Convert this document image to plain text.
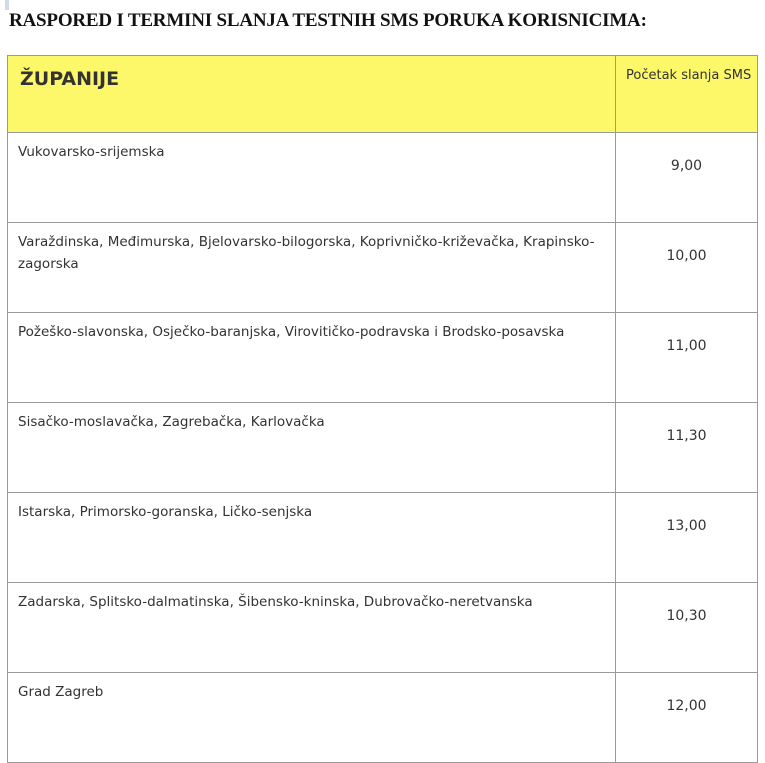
RASPORED I TERMINI SLANJA TESTNIH SMS PORUKA KORISNICIMA:
ŽUPANIJE	Početak slanja SMS
Vukovarsko-srijemska	9,00
Varaždinska, Međimurska, Bjelovarsko-bilogorska, Koprivničko-križevačka, Krapinsko-zagorska	10,00
Požeško-slavonska, Osječko-baranjska, Virovitičko-podravska i Brodsko-posavska	11,00
Sisačko-moslavačka, Zagrebačka, Karlovačka	11,30
Istarska, Primorsko-goranska, Ličko-senjska	13,00
Zadarska, Splitsko-dalmatinska, Šibensko-kninska, Dubrovačko-neretvanska	10,30
Grad Zagreb	12,00
